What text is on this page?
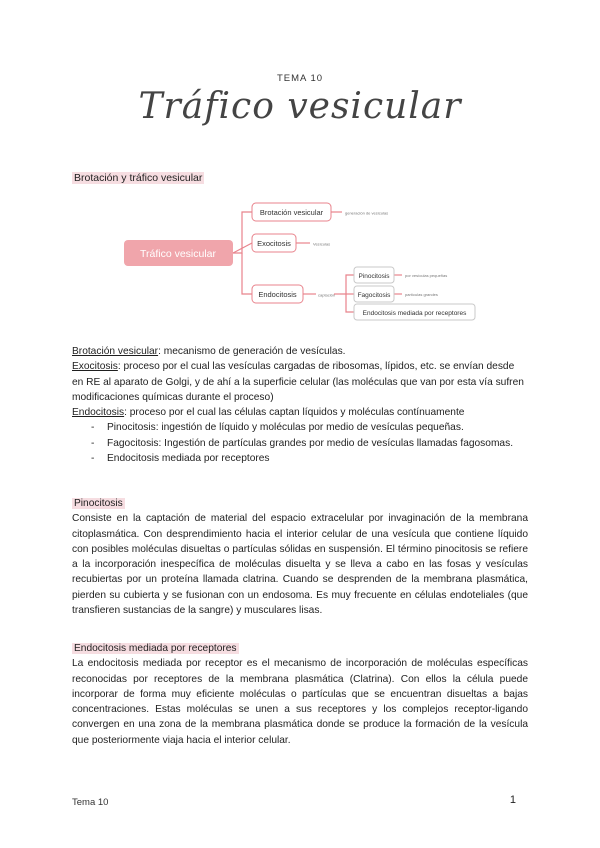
TEMA 10
Tráfico vesicular
Brotación y tráfico vesicular
Tráfico vesicular
Brotación vesicular	generación de vesículas
Exocitosis	Vesículas
Endocitosis	captación
Pinocitosis	por vesículas pequeñas
Fagocitosis	partículas grandes
Endocitosis mediada por receptores

Brotación vesicular: mecanismo de generación de vesículas.

Exocitosis: proceso por el cual las vesículas cargadas de ribosomas, lípidos, etc. se envían desde en RE al aparato de Golgi, y de ahí a la superficie celular (las moléculas que van por esta vía sufren modificaciones químicas durante el proceso)

Endocitosis: proceso por el cual las células captan líquidos y moléculas contínuamente

- Pinocitosis: ingestión de líquido y moléculas por medio de vesículas pequeñas.
- Fagocitosis: Ingestión de partículas grandes por medio de vesículas llamadas fagosomas.
- Endocitosis mediada por receptores

Pinocitosis

Consiste en la captación de material del espacio extracelular por invaginación de la membrana citoplasmática. Con desprendimiento hacia el interior celular de una vesícula que contiene líquido con posibles moléculas disueltas o partículas sólidas en suspensión. El término pinocitosis se refiere a la incorporación inespecífica de moléculas disuelta y se lleva a cabo en las fosas y vesículas recubiertas por un proteína llamada clatrina. Cuando se desprenden de la membrana plasmática, pierden su cubierta y se fusionan con un endosoma. Es muy frecuente en células endoteliales (que transfieren sustancias de la sangre) y musculares lisas.

Endocitosis mediada por receptores

La endocitosis mediada por receptor es el mecanismo de incorporación de moléculas específicas reconocidas por receptores de la membrana plasmática (Clatrina). Con ellos la célula puede incorporar de forma muy eficiente moléculas o partículas que se encuentran disueltas a bajas concentraciones. Estas moléculas se unen a sus receptores y los complejos receptor-ligando convergen en una zona de la membrana plasmática donde se produce la formación de la vesícula que posteriormente viaja hacia el interior celular.

Tema 10	1
